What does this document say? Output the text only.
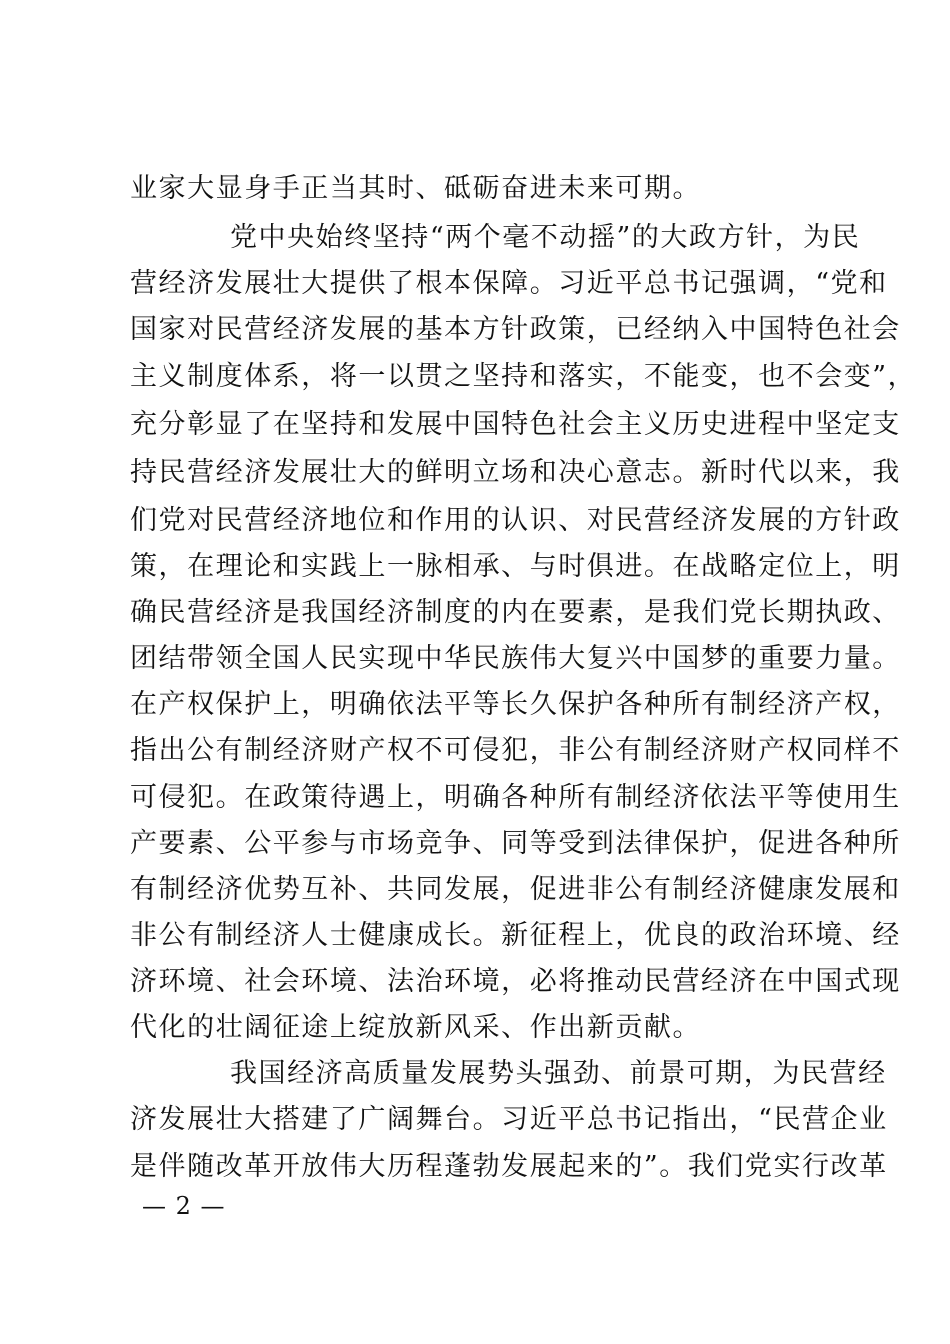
业家大显身手正当其时、砥砺奋进未来可期。
党中央始终坚持“两个毫不动摇”的大政方针，为民
营经济发展壮大提供了根本保障。习近平总书记强调，“党和
国家对民营经济发展的基本方针政策，已经纳入中国特色社会
主义制度体系，将一以贯之坚持和落实，不能变，也不会变”，
充分彰显了在坚持和发展中国特色社会主义历史进程中坚定支
持民营经济发展壮大的鲜明立场和决心意志。新时代以来，我
们党对民营经济地位和作用的认识、对民营经济发展的方针政
策，在理论和实践上一脉相承、与时俱进。在战略定位上，明
确民营经济是我国经济制度的内在要素，是我们党长期执政、
团结带领全国人民实现中华民族伟大复兴中国梦的重要力量。
在产权保护上，明确依法平等长久保护各种所有制经济产权，
指出公有制经济财产权不可侵犯，非公有制经济财产权同样不
可侵犯。在政策待遇上，明确各种所有制经济依法平等使用生
产要素、公平参与市场竞争、同等受到法律保护，促进各种所
有制经济优势互补、共同发展，促进非公有制经济健康发展和
非公有制经济人士健康成长。新征程上，优良的政治环境、经
济环境、社会环境、法治环境，必将推动民营经济在中国式现
代化的壮阔征途上绽放新风采、作出新贡献。
我国经济高质量发展势头强劲、前景可期，为民营经
济发展壮大搭建了广阔舞台。习近平总书记指出，“民营企业
是伴随改革开放伟大历程蓬勃发展起来的”。我们党实行改革
— 2 —
